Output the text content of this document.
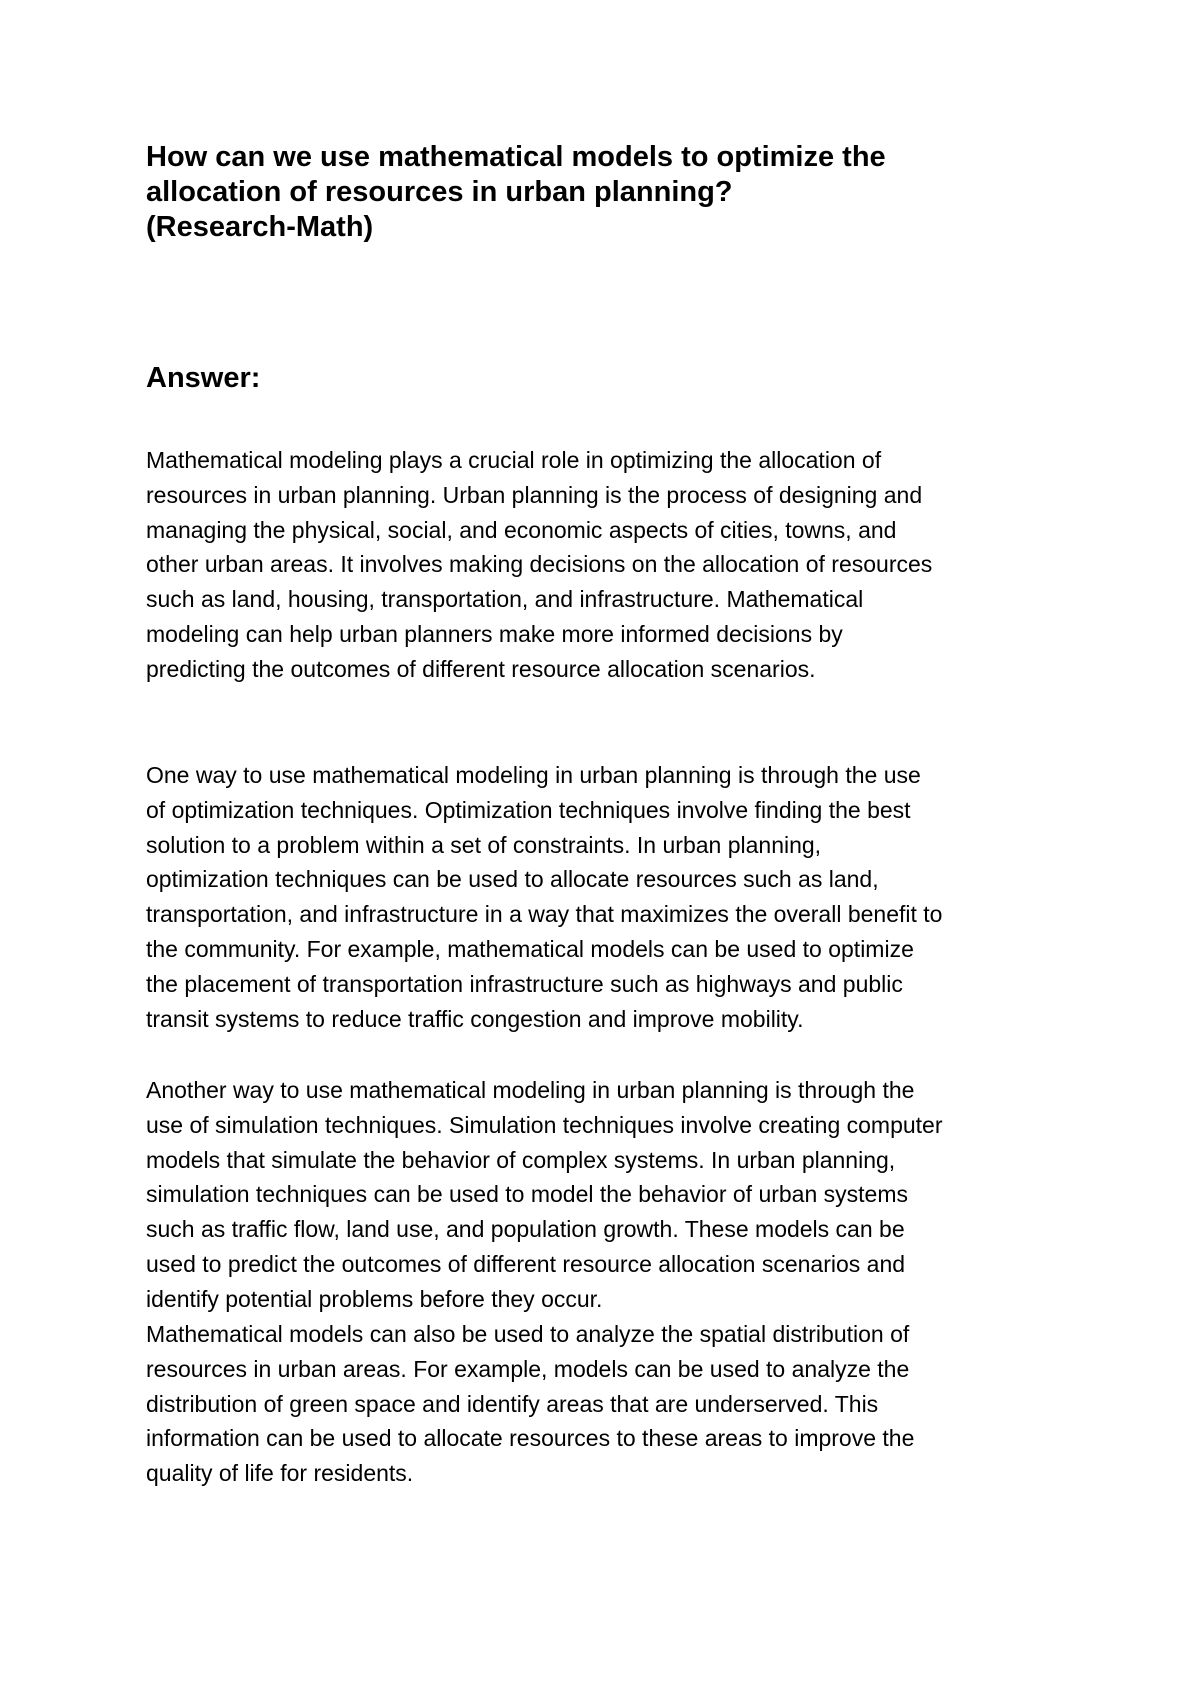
How can we use mathematical models to optimize the
allocation of resources in urban planning?
(Research-Math)
Answer:

Mathematical modeling plays a crucial role in optimizing the allocation of
resources in urban planning. Urban planning is the process of designing and
managing the physical, social, and economic aspects of cities, towns, and
other urban areas. It involves making decisions on the allocation of resources
such as land, housing, transportation, and infrastructure. Mathematical
modeling can help urban planners make more informed decisions by
predicting the outcomes of different resource allocation scenarios.

One way to use mathematical modeling in urban planning is through the use
of optimization techniques. Optimization techniques involve finding the best
solution to a problem within a set of constraints. In urban planning,
optimization techniques can be used to allocate resources such as land,
transportation, and infrastructure in a way that maximizes the overall benefit to
the community. For example, mathematical models can be used to optimize
the placement of transportation infrastructure such as highways and public
transit systems to reduce traffic congestion and improve mobility.

Another way to use mathematical modeling in urban planning is through the
use of simulation techniques. Simulation techniques involve creating computer
models that simulate the behavior of complex systems. In urban planning,
simulation techniques can be used to model the behavior of urban systems
such as traffic flow, land use, and population growth. These models can be
used to predict the outcomes of different resource allocation scenarios and
identify potential problems before they occur.

Mathematical models can also be used to analyze the spatial distribution of
resources in urban areas. For example, models can be used to analyze the
distribution of green space and identify areas that are underserved. This
information can be used to allocate resources to these areas to improve the
quality of life for residents.
